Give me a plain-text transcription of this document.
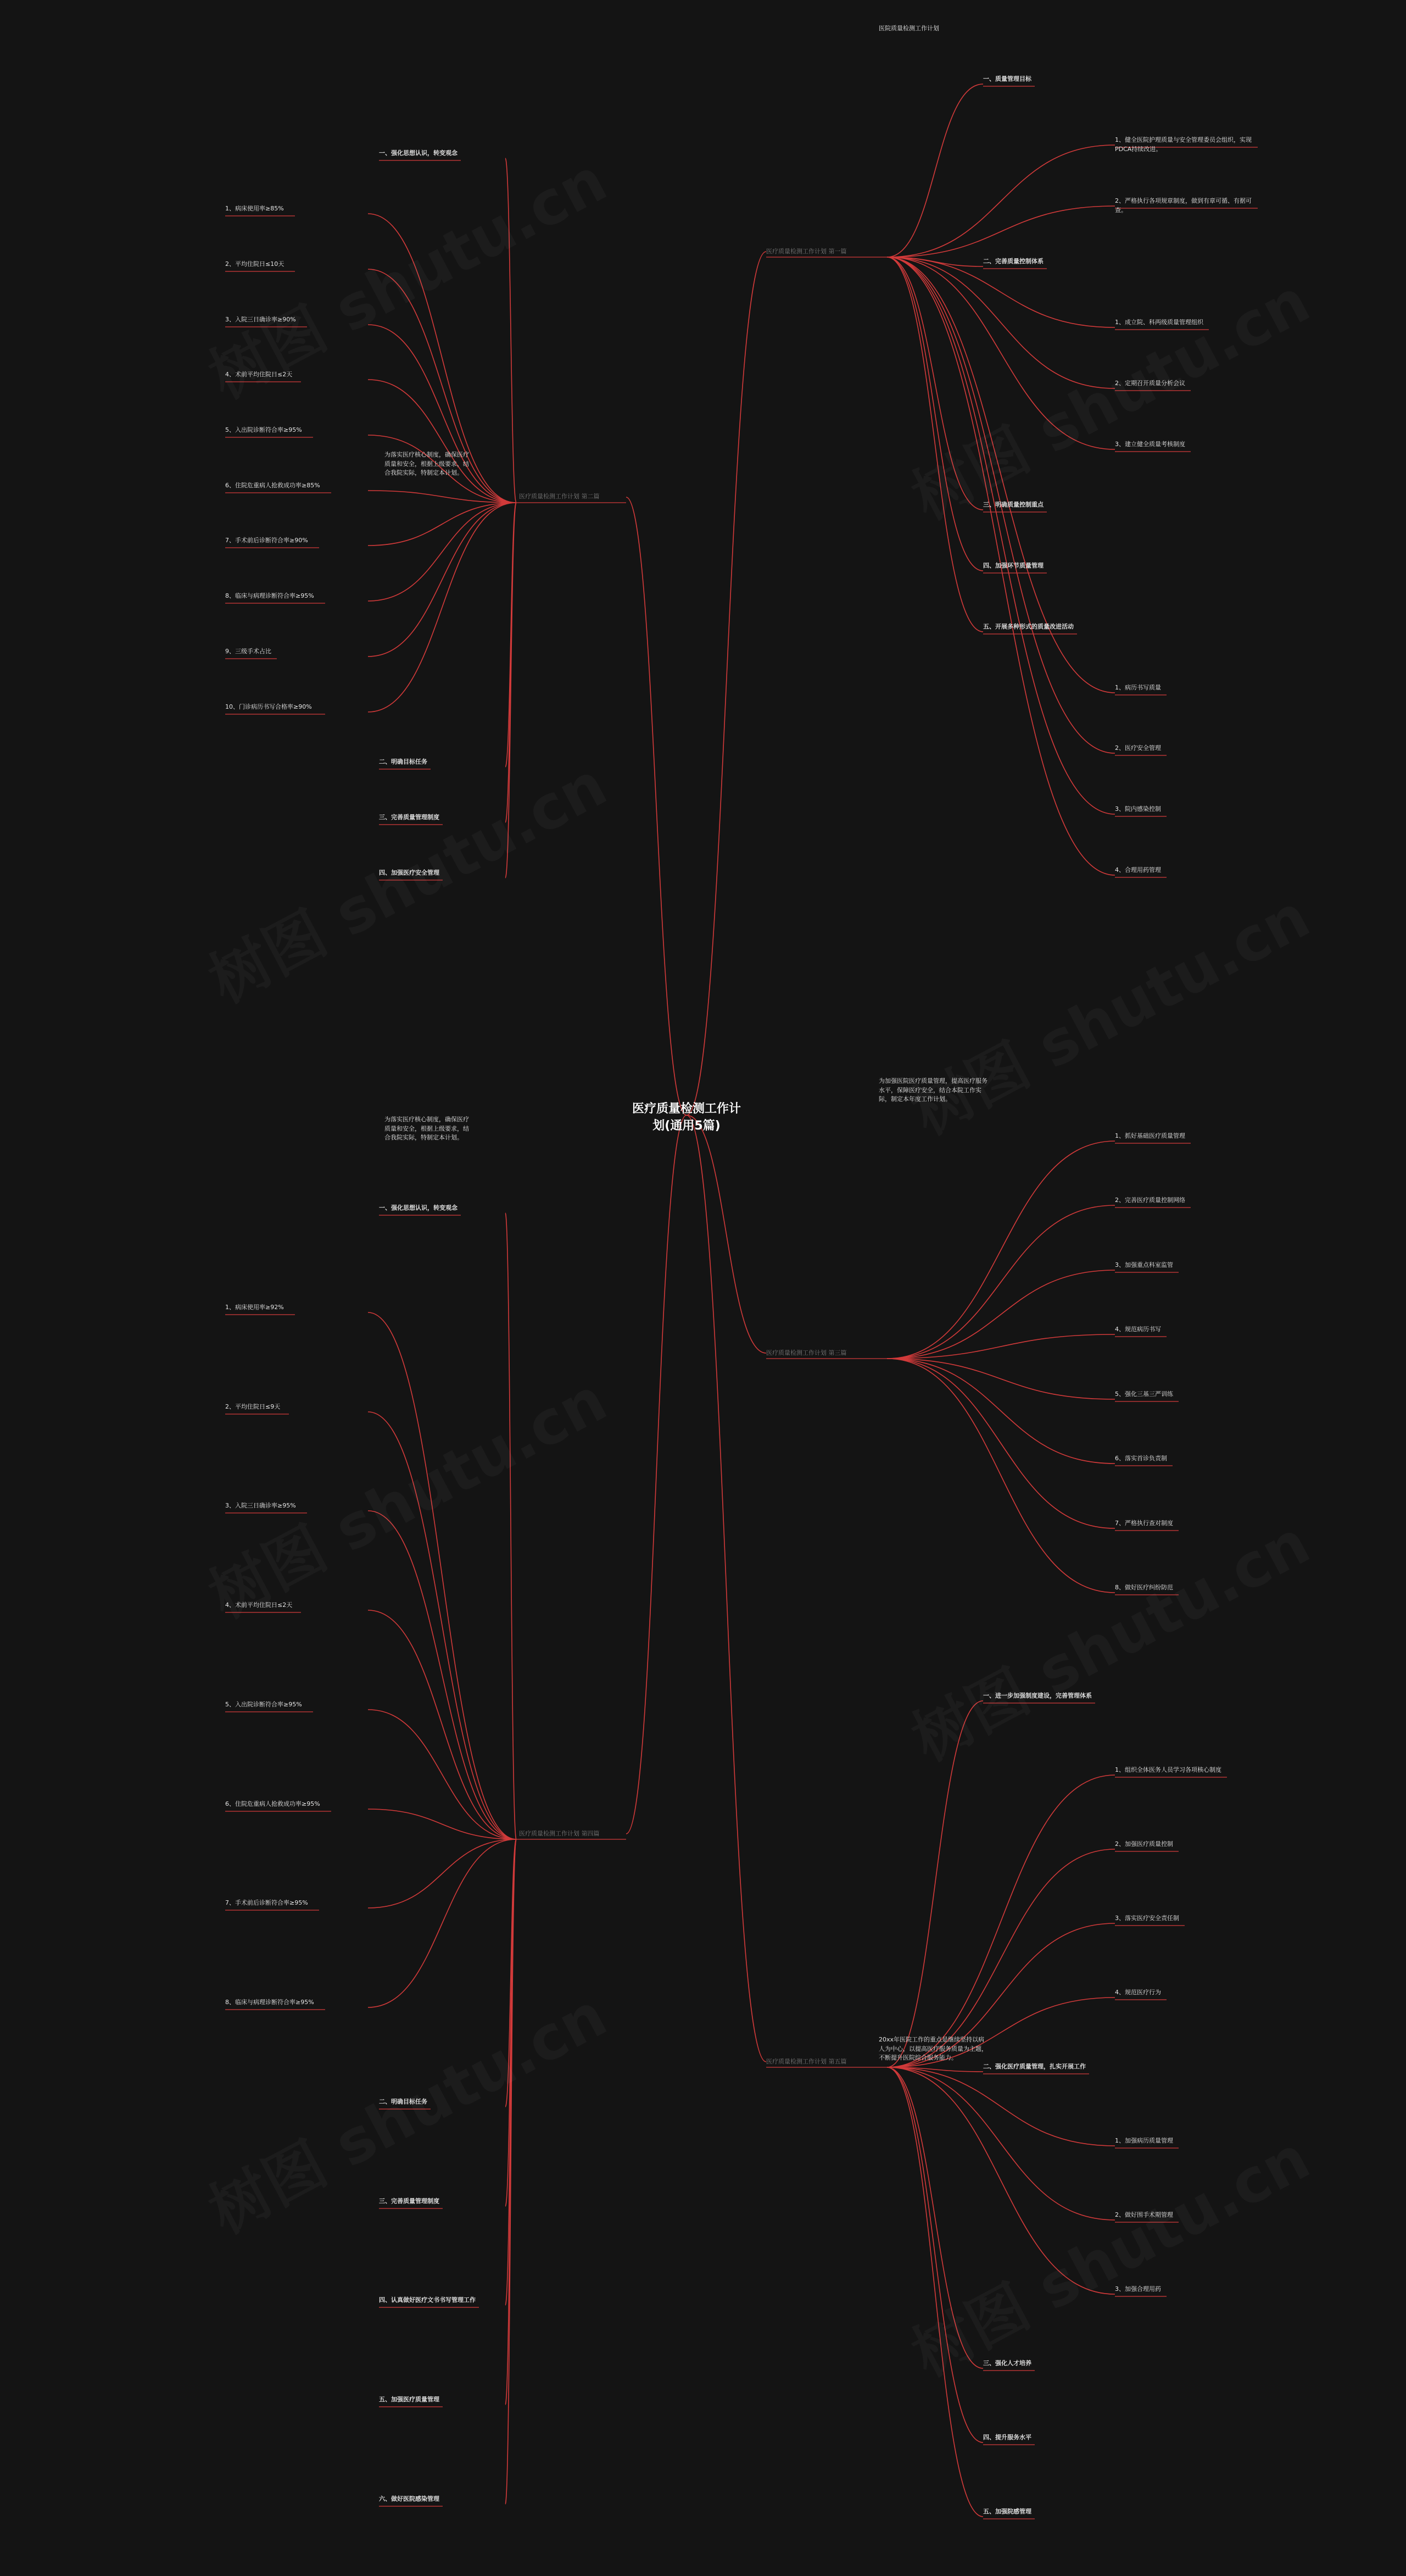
医疗质量检测工作计划(通用5篇)
医疗质量检测工作计划 第一篇
医院质量检测工作计划
医疗质量检测工作计划 第二篇
为落实医疗核心制度，确保医疗质量和安全，根据上级要求，结合我院实际，特制定本计划。
医疗质量检测工作计划 第三篇
为加强医院医疗质量管理，提高医疗服务水平，保障医疗安全，结合本院工作实际，制定本年度工作计划。
医疗质量检测工作计划 第四篇
为落实医疗核心制度，确保医疗质量和安全，根据上级要求，结合我院实际，特制定本计划。
医疗质量检测工作计划 第五篇
20xx年医院工作的重点是继续坚持以病人为中心，以提高医疗服务质量为主题，不断提升医院综合服务能力。
一、质量管理目标
1、健全医院护理质量与安全管理委员会组织，实现PDCA持续改进。
2、严格执行各项规章制度，做到有章可循、有据可查。
二、完善质量控制体系
1、成立院、科两级质量管理组织
2、定期召开质量分析会议
3、建立健全质量考核制度
三、明确质量控制重点
四、加强环节质量管理
五、开展多种形式的质量改进活动
1、病历书写质量
2、医疗安全管理
3、院内感染控制
4、合理用药管理
一、强化思想认识，转变观念
1、病床使用率≥85%
2、平均住院日≤10天
3、入院三日确诊率≥90%
4、术前平均住院日≤2天
5、入出院诊断符合率≥95%
6、住院危重病人抢救成功率≥85%
7、手术前后诊断符合率≥90%
8、临床与病理诊断符合率≥95%
9、三级手术占比
10、门诊病历书写合格率≥90%
二、明确目标任务
三、完善质量管理制度
四、加强医疗安全管理
1、抓好基础医疗质量管理
2、完善医疗质量控制网络
3、加强重点科室监管
4、规范病历书写
5、强化三基三严训练
6、落实首诊负责制
7、严格执行查对制度
8、做好医疗纠纷防范
一、强化思想认识，转变观念
1、病床使用率≥92%
2、平均住院日≤9天
3、入院三日确诊率≥95%
4、术前平均住院日≤2天
5、入出院诊断符合率≥95%
6、住院危重病人抢救成功率≥95%
7、手术前后诊断符合率≥95%
8、临床与病理诊断符合率≥95%
二、明确目标任务
三、完善质量管理制度
四、认真做好医疗文书书写管理工作
五、加强医疗质量管理
六、做好医院感染管理
一、进一步加强制度建设，完善管理体系
1、组织全体医务人员学习各项核心制度
2、加强医疗质量控制
3、落实医疗安全责任制
4、规范医疗行为
二、强化医疗质量管理，扎实开展工作
1、加强病历质量管理
2、做好围手术期管理
3、加强合理用药
三、强化人才培养
四、提升服务水平
五、加强院感管理
